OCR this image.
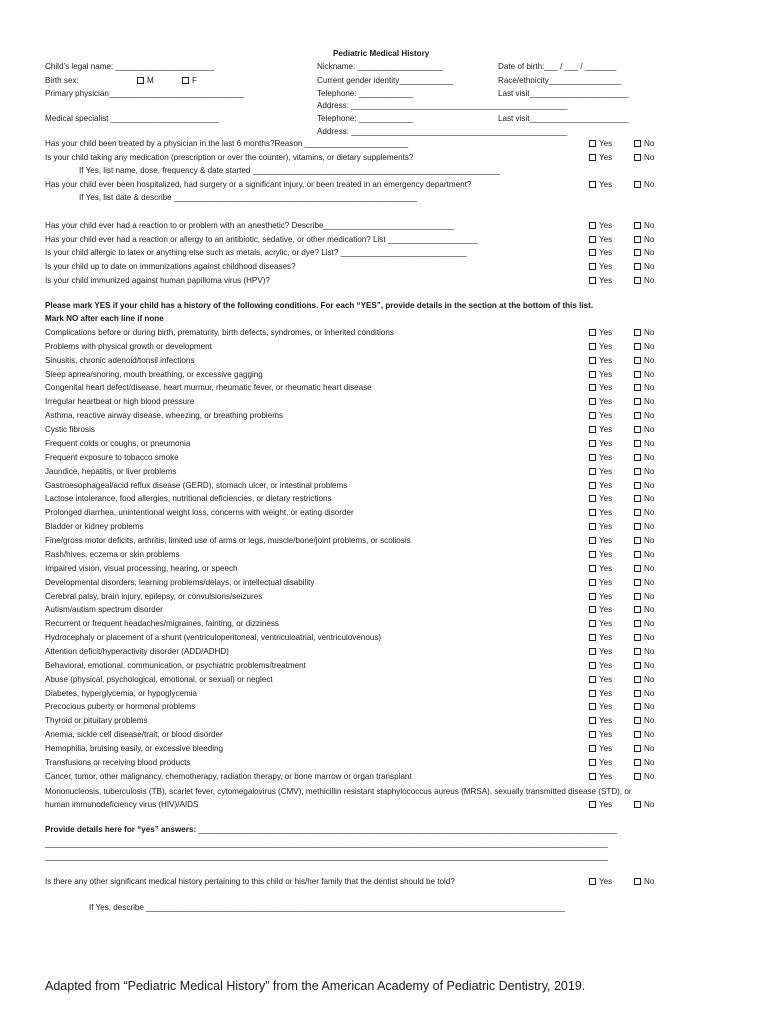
Pediatric Medical History
Child’s legal name: ______________________	Nickname: ___________________	Date of birth:___ / ___ / _______
Birth sex:	M	F	Current gender identity____________	Race/ethnicity________________
Primary physician______________________________	Telephone: ____________	Last visit______________________
Address: ________________________________________________
Medical specialist ________________________	Telephone: ____________	Last visit______________________
Address: ________________________________________________
Has your child been treated by a physician in the last 6 months?Reason _______________________	Yes	No
Is your child taking any medication (prescription or over the counter), vitamins, or dietary supplements?	Yes	No
If Yes, list name, dose, frequency & date started _______________________________________________________
Has your child ever been hospitalized, had surgery or a significant injury, or been treated in an emergency department?	Yes	No
If Yes, list date & describe ______________________________________________________
Has your child ever had a reaction to or problem with an anesthetic? Describe_____________________________	Yes	No
Has your child ever had a reaction or allergy to an antibiotic, sedative, or other medication? List ____________________	Yes	No
Is your child allergic to latex or anything else such as metals, acrylic, or dye? List? ____________________________	Yes	No
Is your child up to date on immunizations against childhood diseases?	Yes	No
Is your child immunized against human papilloma virus (HPV)?	Yes	No
Please mark YES if your child has a history of the following conditions. For each “YES”, provide details in the section at the bottom of this list.
Mark NO after each line if none
Complications before or during birth, prematurity, birth defects, syndromes, or inherited conditions	Yes	No
Problems with physical growth or development	Yes	No
Sinusitis, chronic adenoid/tonsil infections	Yes	No
Sleep apnea/snoring, mouth breathing, or excessive gagging	Yes	No
Congenital heart defect/disease, heart murmur, rheumatic fever, or rheumatic heart disease	Yes	No
Irregular heartbeat or high blood pressure	Yes	No
Asthma, reactive airway disease, wheezing, or breathing problems	Yes	No
Cystic fibrosis	Yes	No
Frequent colds or coughs, or pneumonia	Yes	No
Frequent exposure to tobacco smoke	Yes	No
Jaundice, hepatitis, or liver problems	Yes	No
Gastroesophageal/acid reflux disease (GERD), stomach ulcer, or intestinal problems	Yes	No
Lactose intolerance, food allergies, nutritional deficiencies, or dietary restrictions	Yes	No
Prolonged diarrhea, unintentional weight loss, concerns with weight, or eating disorder	Yes	No
Bladder or kidney problems	Yes	No
Fine/gross motor deficits, arthritis, limited use of arms or legs, muscle/bone/joint problems, or scoliosis	Yes	No
Rash/hives, eczema or skin problems	Yes	No
Impaired vision, visual processing, hearing, or speech	Yes	No
Developmental disorders, learning problems/delays, or intellectual disability	Yes	No
Cerebral palsy, brain injury, epilepsy, or convulsions/seizures	Yes	No
Autism/autism spectrum disorder	Yes	No
Recurrent or frequent headaches/migraines, fainting, or dizziness	Yes	No
Hydrocephaly or placement of a shunt (ventriculoperitoneal, ventriculoatrial, ventriculovenous)	Yes	No
Attention deficit/hyperactivity disorder (ADD/ADHD)	Yes	No
Behavioral, emotional, communication, or psychiatric problems/treatment	Yes	No
Abuse (physical, psychological, emotional, or sexual) or neglect	Yes	No
Diabetes, hyperglycemia, or hypoglycemia	Yes	No
Precocious puberty or hormonal problems	Yes	No
Thyroid or pituitary problems	Yes	No
Anemia, sickle cell disease/trait, or blood disorder	Yes	No
Hemophilia, bruising easily, or excessive bleeding	Yes	No
Transfusions or receiving blood products	Yes	No
Cancer, tumor, other malignancy, chemotherapy, radiation therapy, or bone marrow or organ transplant	Yes	No
Mononucleosis, tuberculosis (TB), scarlet fever, cytomegalovirus (CMV), methicillin resistant staphylococcus aureus (MRSA), sexually transmitted disease (STD), or
human immunodeficiency virus (HIV)/AIDS	Yes	No
Provide details here for “yes” answers: _____________________________________________________________________________________________
_____________________________________________________________________________________________________________________________
_____________________________________________________________________________________________________________________________
Is there any other significant medical history pertaining to this child or his/her family that the dentist should be told?	Yes	No
If Yes, describe _____________________________________________________________________________________________
Adapted from “Pediatric Medical History” from the American Academy of Pediatric Dentistry, 2019.
